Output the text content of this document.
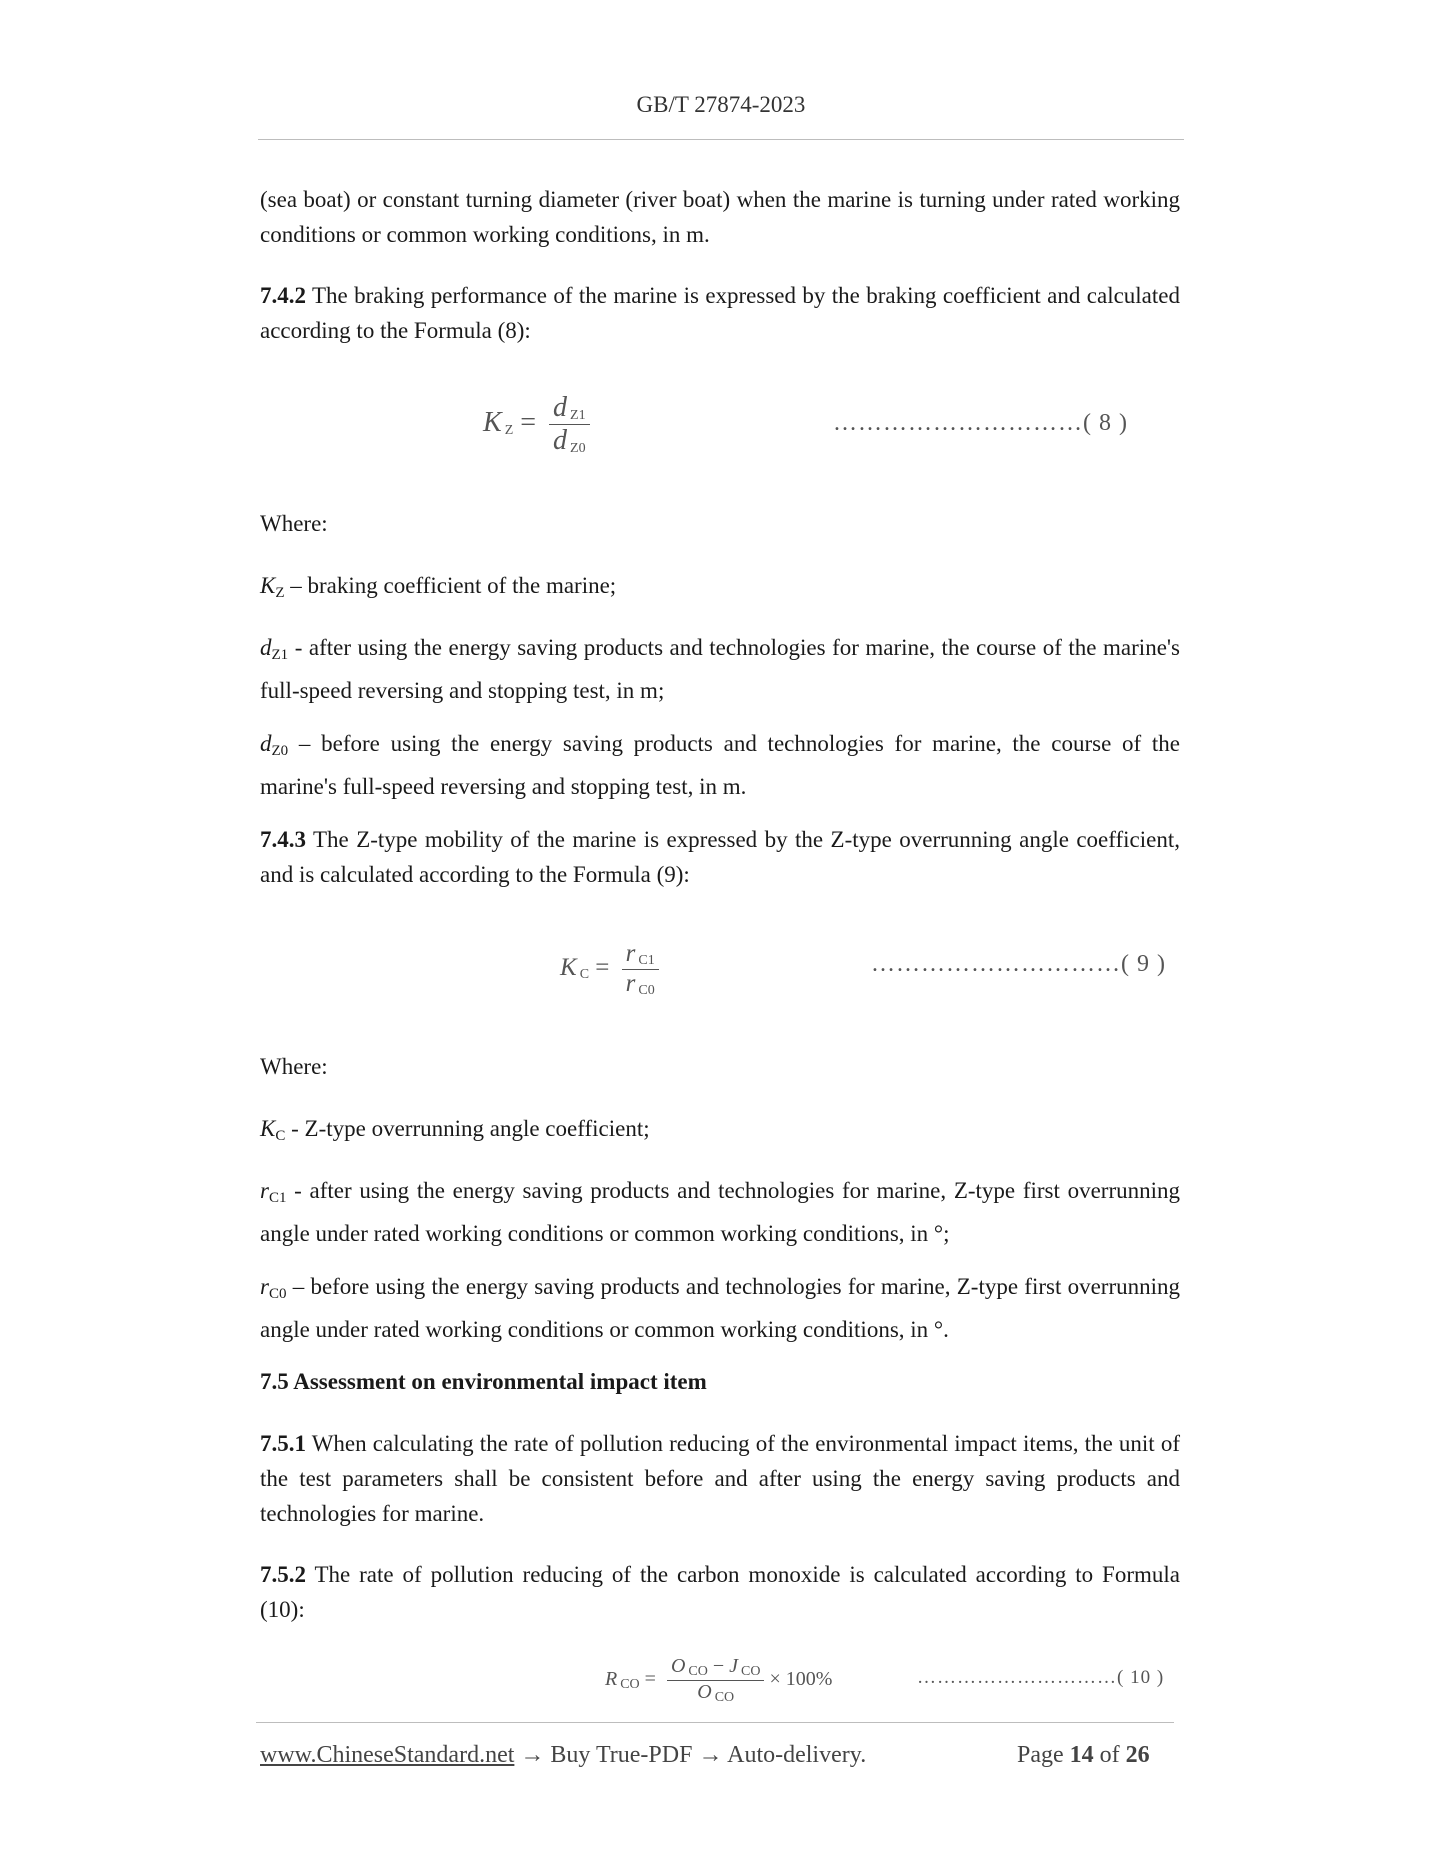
GB/T 27874-2023

(sea boat) or constant turning diameter (river boat) when the marine is turning under rated working conditions or common working conditions, in m.

7.4.2 The braking performance of the marine is expressed by the braking coefficient and calculated according to the Formula (8):

K $Z = \frac{\text{d Z1}}{\text{d Z0}}$	…………………………( 8 )

Where:

$K_Z$ – braking coefficient of the marine;

$d_{Z1}$ - after using the energy saving products and technologies for marine, the course of the marine's full-speed reversing and stopping test, in m;

$d_{Z0}$ – before using the energy saving products and technologies for marine, the course of the marine's full-speed reversing and stopping test, in m.

7.4.3 The Z-type mobility of the marine is expressed by the Z-type overrunning angle coefficient, and is calculated according to the Formula (9):

K $C = \frac{\text{r C1}}{\text{r C0}}$	…………………………( 9 )

Where:

$K_C$ - Z-type overrunning angle coefficient;

$r_{C1}$ - after using the energy saving products and technologies for marine, Z-type first overrunning angle under rated working conditions or common working conditions, in °;

$r_{C0}$ – before using the energy saving products and technologies for marine, Z-type first overrunning angle under rated working conditions or common working conditions, in °.

7.5 Assessment on environmental impact item

7.5.1 When calculating the rate of pollution reducing of the environmental impact items, the unit of the test parameters shall be consistent before and after using the energy saving products and technologies for marine.

7.5.2 The rate of pollution reducing of the carbon monoxide is calculated according to Formula (10):

R CO = $\frac{\text{O CO − J CO}}{\text{O CO}} \times 100\%$	…………………………( 10 )
www.ChineseStandard.net → Buy True-PDF → Auto-delivery.	Page 14 of 26
